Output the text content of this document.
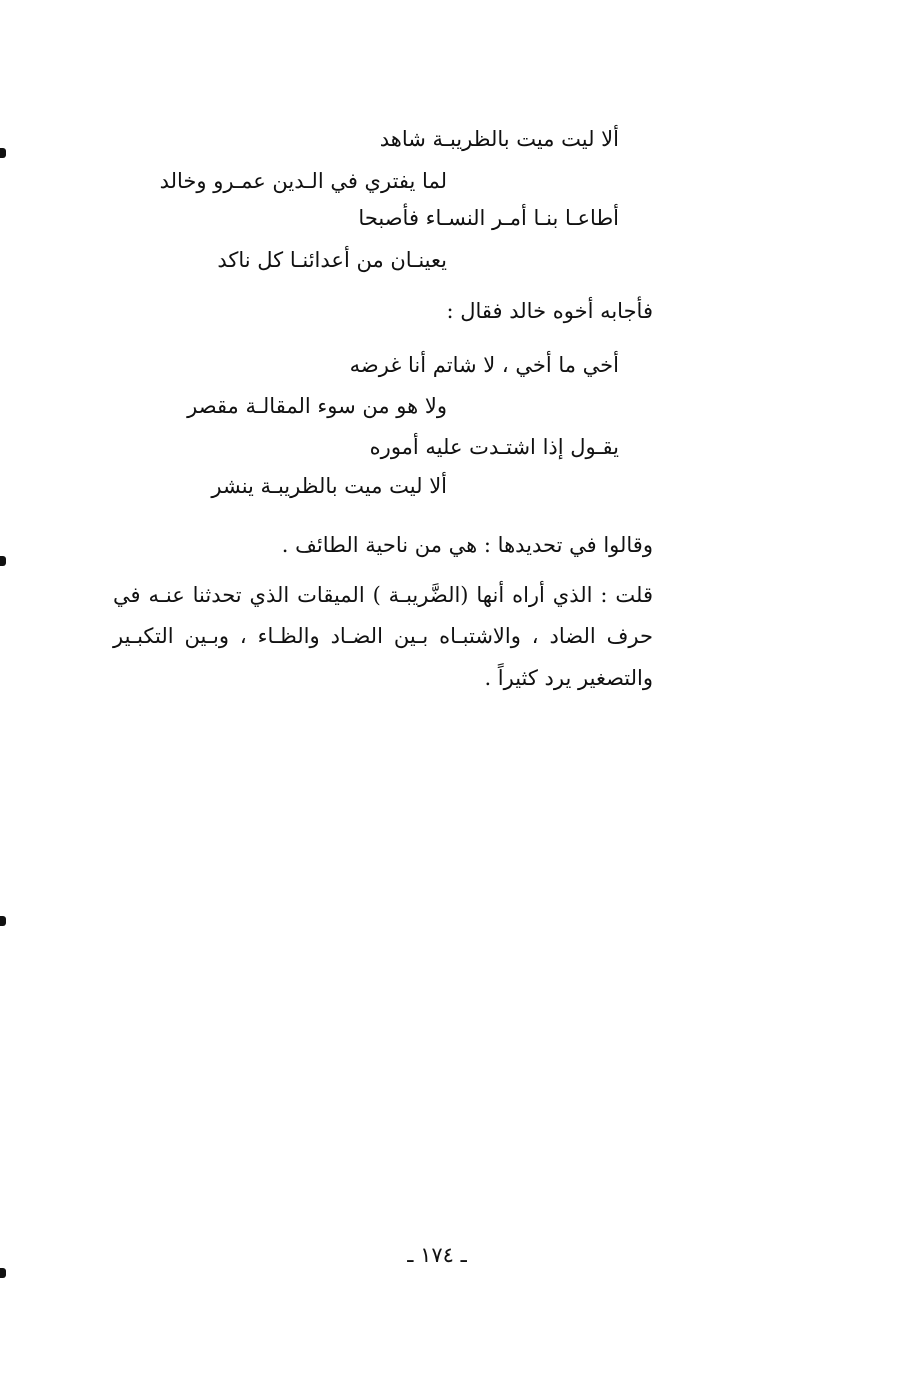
ألا ليت ميت بالظريبـة شاهد
لما يفتري في الـدين عمـرو وخالد
أطاعـا بنـا أمـر النسـاء فأصبحا
يعينـان من أعدائنـا كل ناكد
فأجابه أخوه خالد فقال :
أخي ما أخي ، لا شاتم أنا غرضه
ولا هو من سوء المقالـة مقصر
يقـول إذا اشتـدت عليه أموره
ألا ليت ميت بالظريبـة ينشر
وقالوا في تحديدها : هي من ناحية الطائف .
قلت : الذي أراه أنها (الضَّريبـة ) الميقات الذي تحدثنا عنـه في
حرف الضاد ، والاشتبـاه بـين الضـاد والظـاء ، وبـين التكبـير
والتصغير يرد كثيراً .
ـ ١٧٤ ـ
